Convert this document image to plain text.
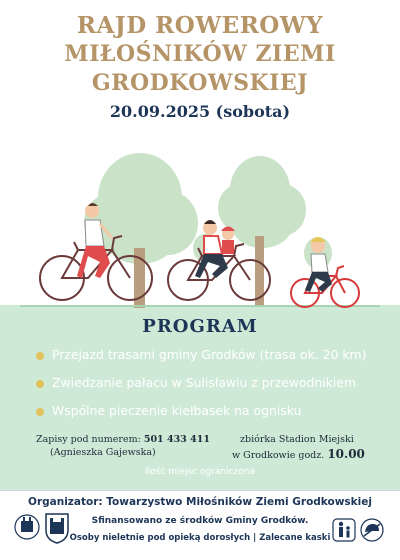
RAJD ROWEROWY
MIŁOŚNIKÓW ZIEMI
GRODKOWSKIEJ
20.09.2025 (sobota)
PROGRAM
Przejazd trasami gminy Grodków (trasa ok. 20 km)
Zwiedzanie pałacu w Sulisławiu z przewodnikiem
Wspólne pieczenie kiełbasek na ognisku
Zapisy pod numerem: 501 433 411
(Agnieszka Gajewska)
zbiórka Stadion Miejski
w Grodkowie godz. 10.00
Ilość miejsc ograniczona
Organizator: Towarzystwo Miłośników Ziemi Grodkowskiej
Sfinansowano ze środków Gminy Grodków.
Osoby nieletnie pod opieką dorosłych | Zalecane kaski
